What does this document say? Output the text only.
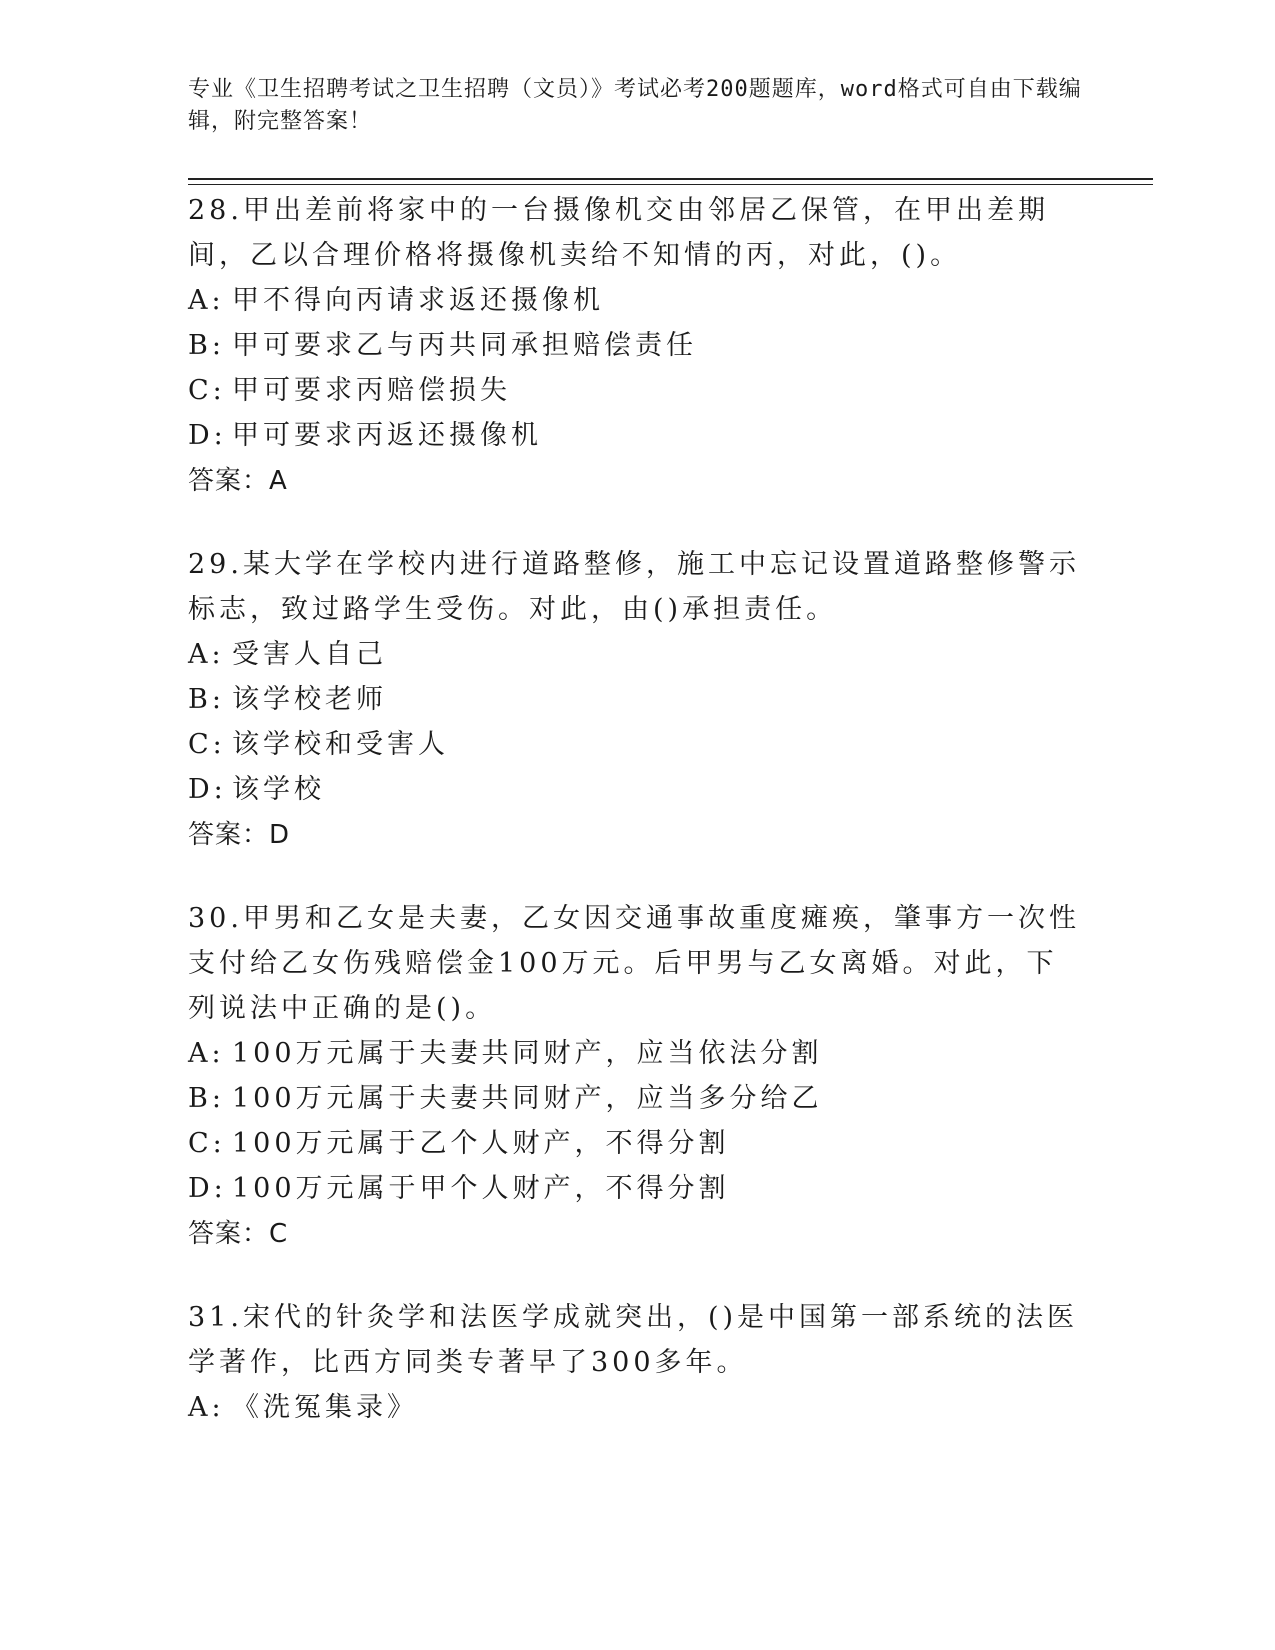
专业《卫生招聘考试之卫生招聘（文员）》考试必考200题题库，word格式可自由下载编辑，附完整答案！

28.甲出差前将家中的一台摄像机交由邻居乙保管，在甲出差期间，乙以合理价格将摄像机卖给不知情的丙，对此，()。

A: 甲不得向丙请求返还摄像机

B: 甲可要求乙与丙共同承担赔偿责任

C: 甲可要求丙赔偿损失

D: 甲可要求丙返还摄像机

答案：A

29.某大学在学校内进行道路整修，施工中忘记设置道路整修警示标志，致过路学生受伤。对此，由()承担责任。

A: 受害人自己

B: 该学校老师

C: 该学校和受害人

D: 该学校

答案：D

30.甲男和乙女是夫妻，乙女因交通事故重度瘫痪，肇事方一次性支付给乙女伤残赔偿金100万元。后甲男与乙女离婚。对此，下列说法中正确的是()。

A: 100万元属于夫妻共同财产，应当依法分割

B: 100万元属于夫妻共同财产，应当多分给乙

C: 100万元属于乙个人财产，不得分割

D: 100万元属于甲个人财产，不得分割

答案：C

31.宋代的针灸学和法医学成就突出，()是中国第一部系统的法医学著作，比西方同类专著早了300多年。

A: 《洗冤集录》
